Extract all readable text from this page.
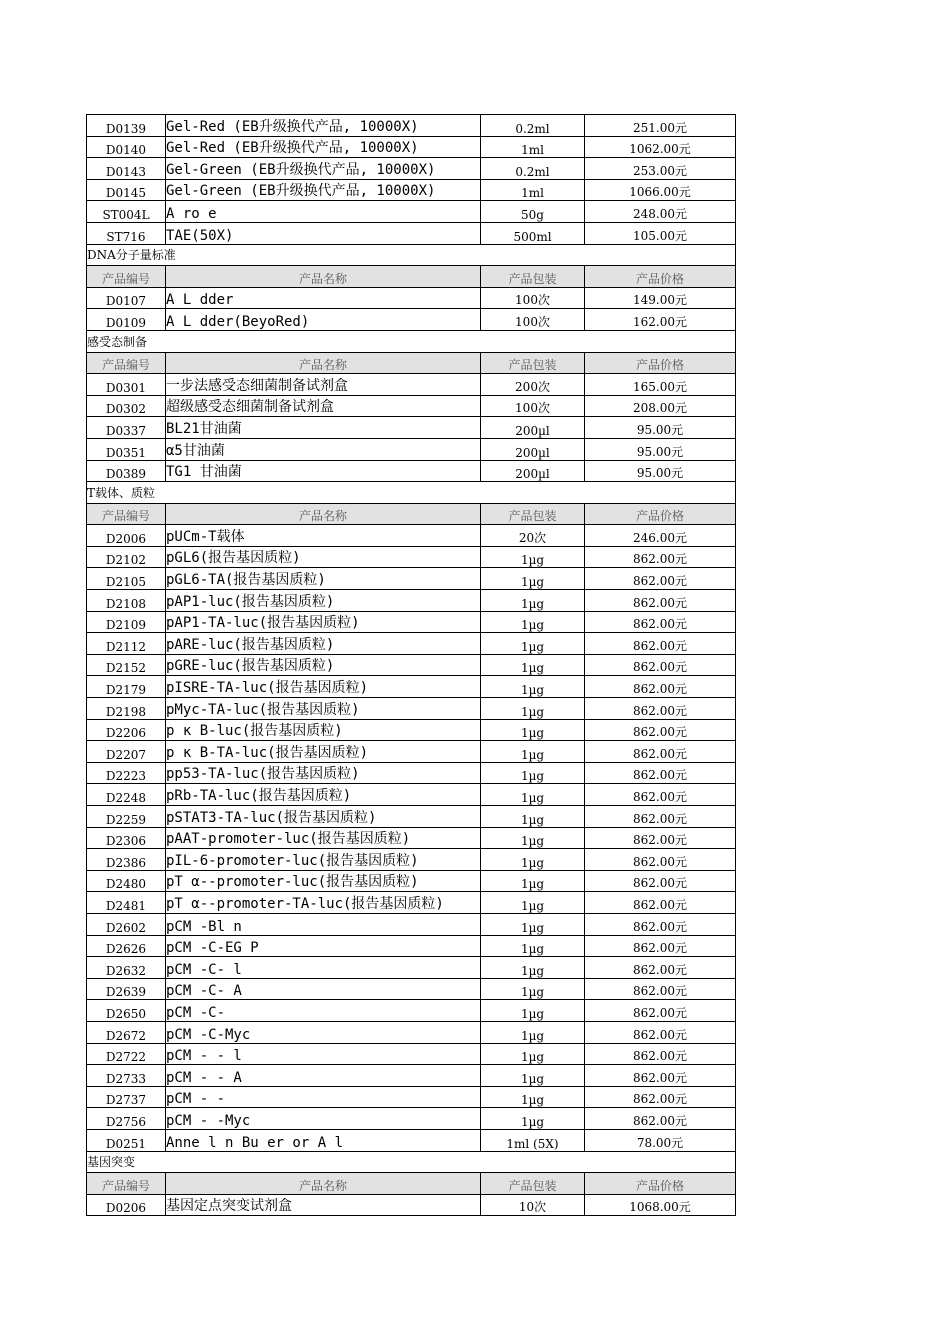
D0139	Gel-Red (EB升级换代产品, 10000X)	0.2ml	251.00元
D0140	Gel-Red (EB升级换代产品, 10000X)	1ml	1062.00元
D0143	Gel-Green (EB升级换代产品, 10000X)	0.2ml	253.00元
D0145	Gel-Green (EB升级换代产品, 10000X)	1ml	1066.00元
ST004L	A ro e	50g	248.00元
ST716	TAE(50X)	500ml	105.00元
DNA分子量标准			
产品编号	产品名称	产品包装	产品价格
D0107	A L dder	100次	149.00元
D0109	A L dder(BeyoRed)	100次	162.00元
感受态制备			
产品编号	产品名称	产品包装	产品价格
D0301	一步法感受态细菌制备试剂盒	200次	165.00元
D0302	超级感受态细菌制备试剂盒	100次	208.00元
D0337	BL21甘油菌	200µl	95.00元
D0351	α5甘油菌	200µl	95.00元
D0389	TG1 甘油菌	200µl	95.00元
T载体、质粒			
产品编号	产品名称	产品包装	产品价格
D2006	pUCm-T载体	20次	246.00元
D2102	pGL6(报告基因质粒)	1µg	862.00元
D2105	pGL6-TA(报告基因质粒)	1µg	862.00元
D2108	pAP1-luc(报告基因质粒)	1µg	862.00元
D2109	pAP1-TA-luc(报告基因质粒)	1µg	862.00元
D2112	pARE-luc(报告基因质粒)	1µg	862.00元
D2152	pGRE-luc(报告基因质粒)	1µg	862.00元
D2179	pISRE-TA-luc(报告基因质粒)	1µg	862.00元
D2198	pMyc-TA-luc(报告基因质粒)	1µg	862.00元
D2206	p κ B-luc(报告基因质粒)	1µg	862.00元
D2207	p κ B-TA-luc(报告基因质粒)	1µg	862.00元
D2223	pp53-TA-luc(报告基因质粒)	1µg	862.00元
D2248	pRb-TA-luc(报告基因质粒)	1µg	862.00元
D2259	pSTAT3-TA-luc(报告基因质粒)	1µg	862.00元
D2306	pAAT-promoter-luc(报告基因质粒)	1µg	862.00元
D2386	pIL-6-promoter-luc(报告基因质粒)	1µg	862.00元
D2480	pT α--promoter-luc(报告基因质粒)	1µg	862.00元
D2481	pT α--promoter-TA-luc(报告基因质粒)	1µg	862.00元
D2602	pCM -Bl n	1µg	862.00元
D2626	pCM -C-EG P	1µg	862.00元
D2632	pCM -C- l	1µg	862.00元
D2639	pCM -C- A	1µg	862.00元
D2650	pCM -C-	1µg	862.00元
D2672	pCM -C-Myc	1µg	862.00元
D2722	pCM - - l	1µg	862.00元
D2733	pCM - - A	1µg	862.00元
D2737	pCM - -	1µg	862.00元
D2756	pCM - -Myc	1µg	862.00元
D0251	Anne l n Bu er or A l	1ml (5X)	78.00元
基因突变			
产品编号	产品名称	产品包装	产品价格
D0206	基因定点突变试剂盒	10次	1068.00元
